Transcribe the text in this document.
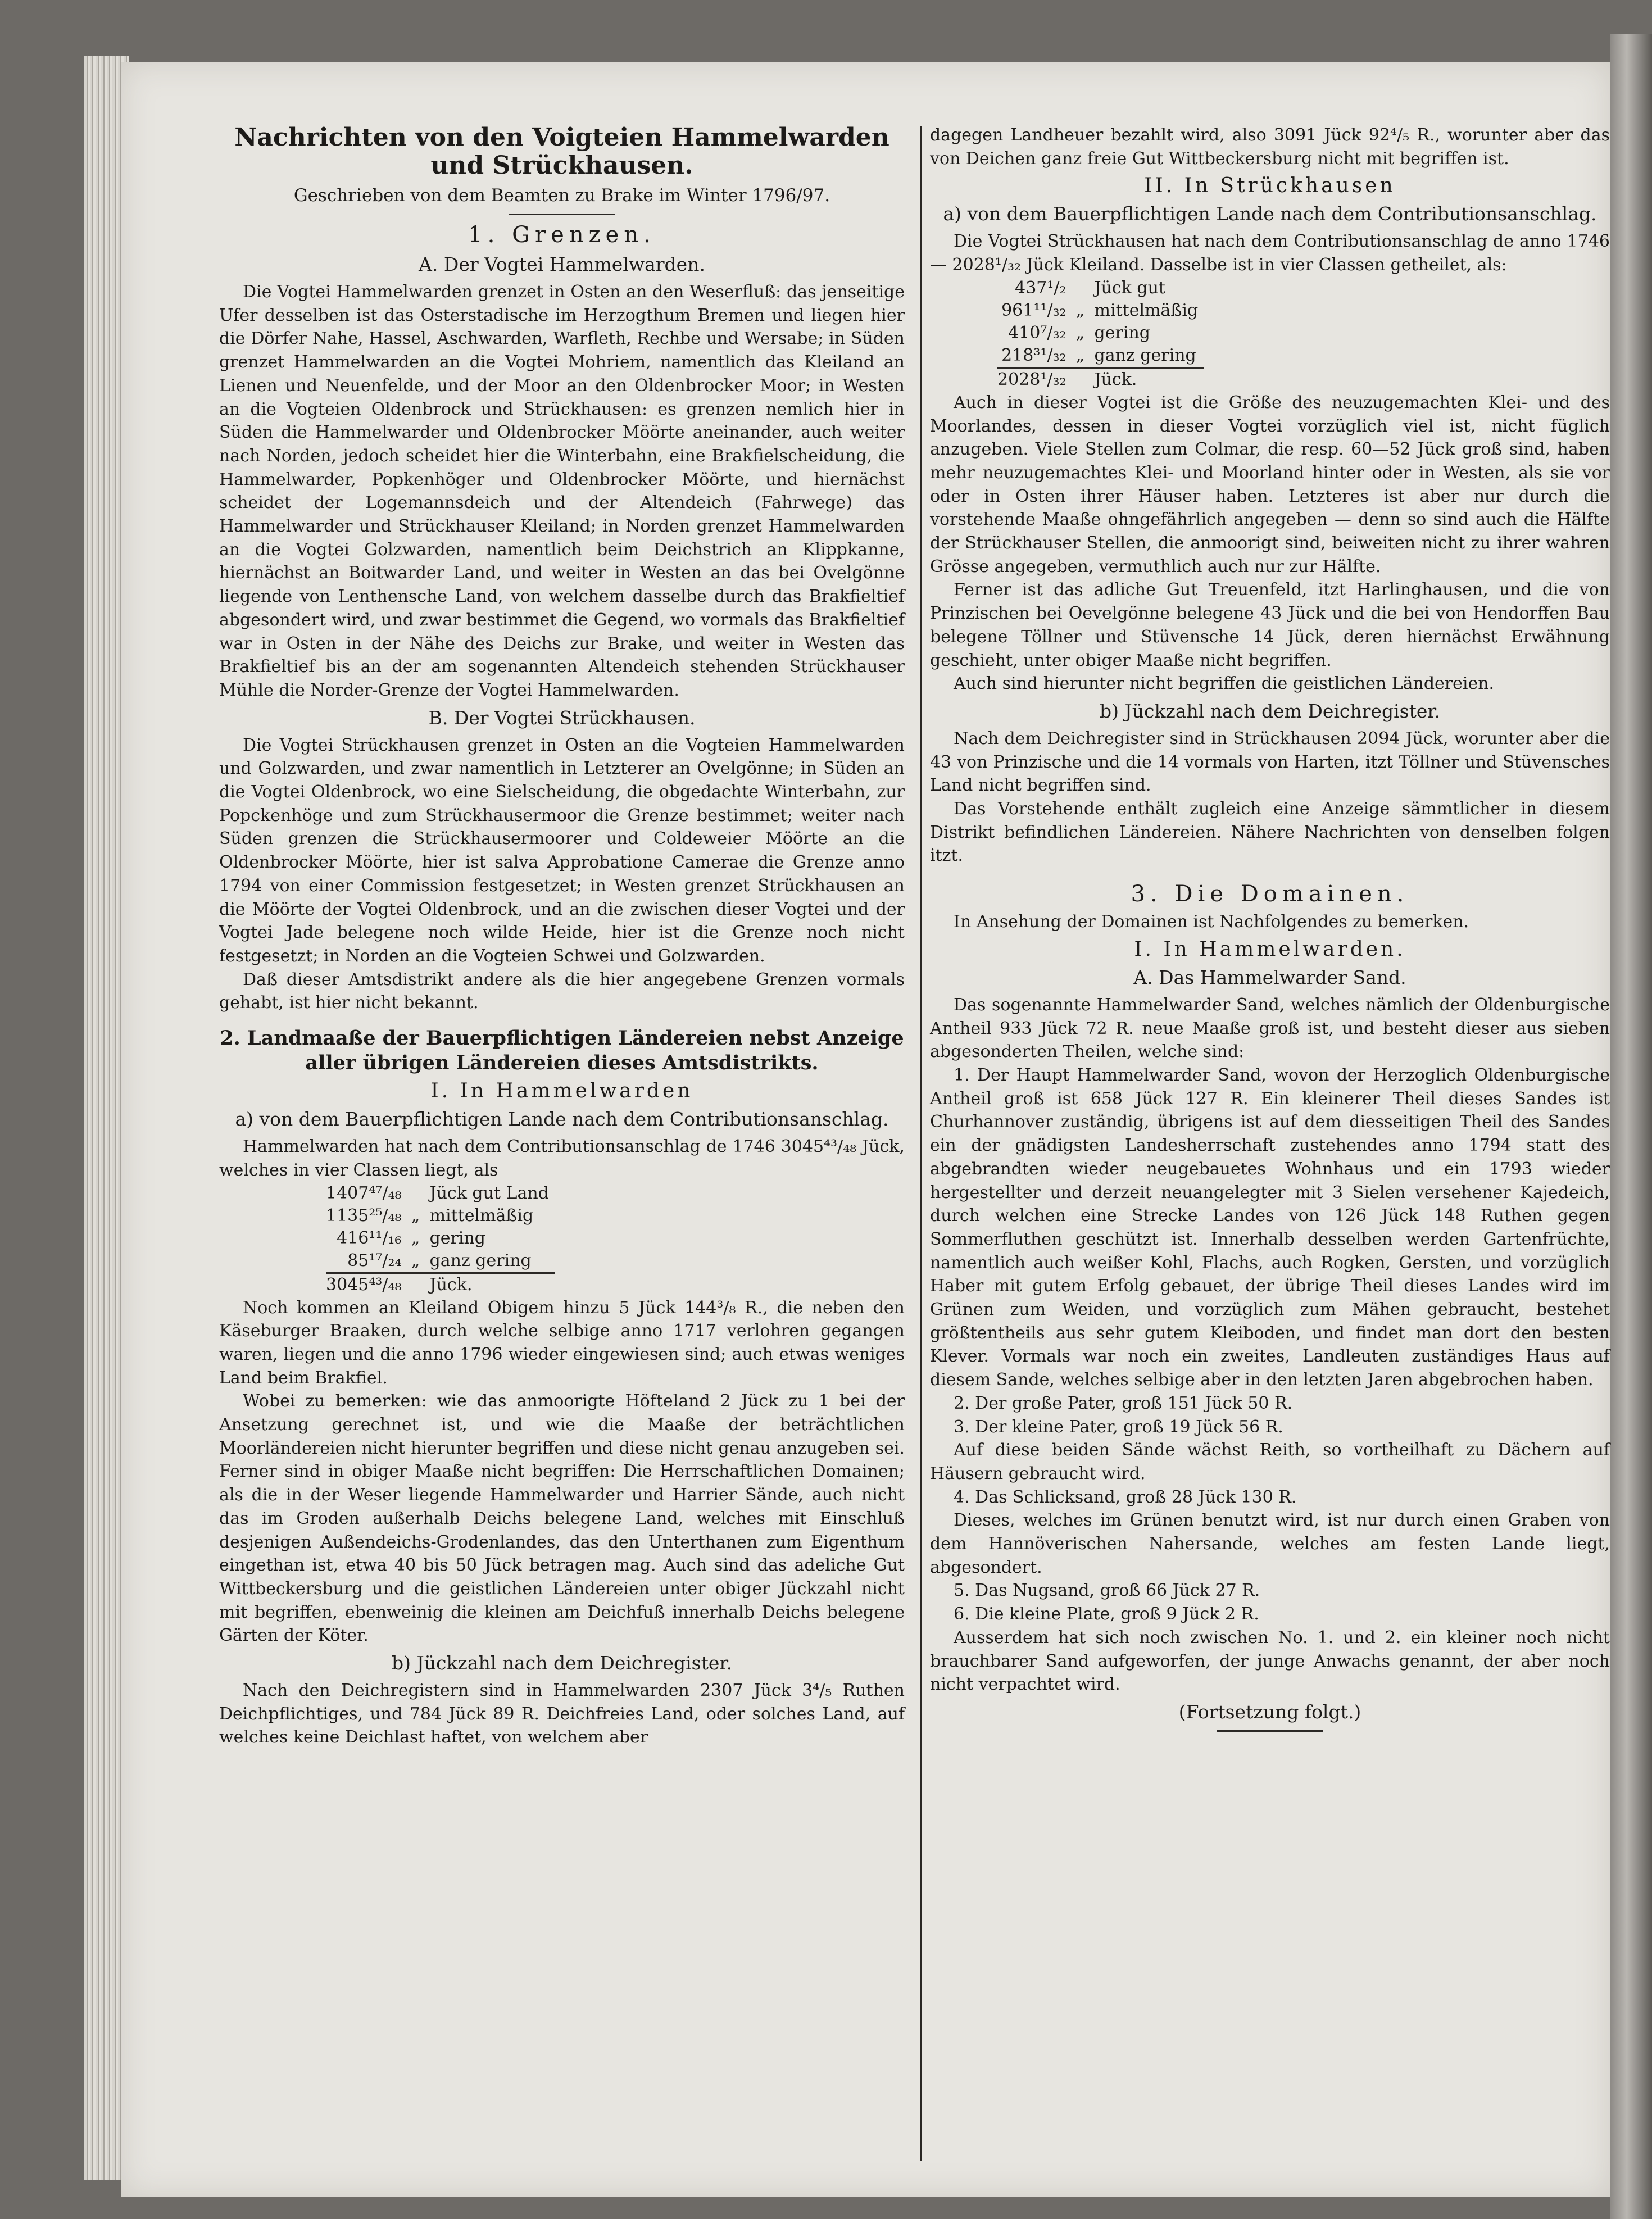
Nachrichten von den Voigteien Hammelwarden und Strückhausen.
Geschrieben von dem Beamten zu Brake im Winter 1796/97.
1. Grenzen.
A. Der Vogtei Hammelwarden.

Die Vogtei Hammelwarden grenzet in Osten an den Weserfluß: das jenseitige Ufer desselben ist das Osterstadische im Herzogthum Bremen und liegen hier die Dörfer Nahe, Hassel, Aschwarden, Warfleth, Rechbe und Wersabe; in Süden grenzet Hammelwarden an die Vogtei Mohriem, namentlich das Kleiland an Lienen und Neuenfelde, und der Moor an den Oldenbrocker Moor; in Westen an die Vogteien Oldenbrock und Strückhausen: es grenzen nemlich hier in Süden die Hammelwarder und Oldenbrocker Möörte aneinander, auch weiter nach Norden, jedoch scheidet hier die Winterbahn, eine Brakfielscheidung, die Hammelwarder, Popkenhöger und Oldenbrocker Möörte, und hiernächst scheidet der Logemannsdeich und der Altendeich (Fahrwege) das Hammelwarder und Strückhauser Kleiland; in Norden grenzet Hammelwarden an die Vogtei Golzwarden, namentlich beim Deichstrich an Klippkanne, hiernächst an Boitwarder Land, und weiter in Westen an das bei Ovelgönne liegende von Lenthensche Land, von welchem dasselbe durch das Brakfieltief abgesondert wird, und zwar bestimmet die Gegend, wo vormals das Brakfieltief war in Osten in der Nähe des Deichs zur Brake, und weiter in Westen das Brakfieltief bis an der am sogenannten Altendeich stehenden Strückhauser Mühle die Norder-Grenze der Vogtei Hammelwarden.

B. Der Vogtei Strückhausen.

Die Vogtei Strückhausen grenzet in Osten an die Vogteien Hammelwarden und Golzwarden, und zwar namentlich in Letzterer an Ovelgönne; in Süden an die Vogtei Oldenbrock, wo eine Sielscheidung, die obgedachte Winterbahn, zur Popckenhöge und zum Strückhausermoor die Grenze bestimmet; weiter nach Süden grenzen die Strückhausermoorer und Coldeweier Möörte an die Oldenbrocker Möörte, hier ist salva Approbatione Camerae die Grenze anno 1794 von einer Commission festgesetzet; in Westen grenzet Strückhausen an die Möörte der Vogtei Oldenbrock, und an die zwischen dieser Vogtei und der Vogtei Jade belegene noch wilde Heide, hier ist die Grenze noch nicht festgesetzt; in Norden an die Vogteien Schwei und Golzwarden.

Daß dieser Amtsdistrikt andere als die hier angegebene Grenzen vormals gehabt, ist hier nicht bekannt.

2. Landmaaße der Bauerpflichtigen Ländereien nebst Anzeige aller übrigen Ländereien dieses Amtsdistrikts.
I. In Hammelwarden
a) von dem Bauerpflichtigen Lande nach dem Contributionsanschlag.

Hammelwarden hat nach dem Contributionsanschlag de 1746 3045⁴³/₄₈ Jück, welches in vier Classen liegt, als

1407⁴⁷/₄₈		Jück gut Land
1135²⁵/₄₈	„	mittelmäßig
416¹¹/₁₆	„	gering
85¹⁷/₂₄	„	ganz gering
3045⁴³/₄₈		Jück.

Noch kommen an Kleiland Obigem hinzu 5 Jück 144³/₈ R., die neben den Käseburger Braaken, durch welche selbige anno 1717 verlohren gegangen waren, liegen und die anno 1796 wieder eingewiesen sind; auch etwas weniges Land beim Brakfiel.

Wobei zu bemerken: wie das anmoorigte Höfteland 2 Jück zu 1 bei der Ansetzung gerechnet ist, und wie die Maaße der beträchtlichen Moorländereien nicht hierunter begriffen und diese nicht genau anzugeben sei. Ferner sind in obiger Maaße nicht begriffen: Die Herrschaftlichen Domainen; als die in der Weser liegende Hammelwarder und Harrier Sände, auch nicht das im Groden außerhalb Deichs belegene Land, welches mit Einschluß desjenigen Außendeichs-Grodenlandes, das den Unterthanen zum Eigenthum eingethan ist, etwa 40 bis 50 Jück betragen mag. Auch sind das adeliche Gut Wittbeckersburg und die geistlichen Ländereien unter obiger Jückzahl nicht mit begriffen, ebenweinig die kleinen am Deichfuß innerhalb Deichs belegene Gärten der Köter.

b) Jückzahl nach dem Deichregister.

Nach den Deichregistern sind in Hammelwarden 2307 Jück 3⁴/₅ Ruthen Deichpflichtiges, und 784 Jück 89 R. Deichfreies Land, oder solches Land, auf welches keine Deichlast haftet, von welchem aber

dagegen Landheuer bezahlt wird, also 3091 Jück 92⁴/₅ R., worunter aber das von Deichen ganz freie Gut Wittbeckersburg nicht mit begriffen ist.

II. In Strückhausen
a) von dem Bauerpflichtigen Lande nach dem Contributionsanschlag.

Die Vogtei Strückhausen hat nach dem Contributionsanschlag de anno 1746 — 2028¹/₃₂ Jück Kleiland. Dasselbe ist in vier Classen getheilet, als:

437¹/₂		Jück gut
961¹¹/₃₂	„	mittelmäßig
410⁷/₃₂	„	gering
218³¹/₃₂	„	ganz gering
2028¹/₃₂		Jück.

Auch in dieser Vogtei ist die Größe des neuzugemachten Klei- und des Moorlandes, dessen in dieser Vogtei vorzüglich viel ist, nicht füglich anzugeben. Viele Stellen zum Colmar, die resp. 60—52 Jück groß sind, haben mehr neuzugemachtes Klei- und Moorland hinter oder in Westen, als sie vor oder in Osten ihrer Häuser haben. Letzteres ist aber nur durch die vorstehende Maaße ohngefährlich angegeben — denn so sind auch die Hälfte der Strückhauser Stellen, die anmoorigt sind, beiweiten nicht zu ihrer wahren Grösse angegeben, vermuthlich auch nur zur Hälfte.

Ferner ist das adliche Gut Treuenfeld, itzt Harlinghausen, und die von Prinzischen bei Oevelgönne belegene 43 Jück und die bei von Hendorffen Bau belegene Töllner und Stüvensche 14 Jück, deren hiernächst Erwähnung geschieht, unter obiger Maaße nicht begriffen.

Auch sind hierunter nicht begriffen die geistlichen Ländereien.

b) Jückzahl nach dem Deichregister.

Nach dem Deichregister sind in Strückhausen 2094 Jück, worunter aber die 43 von Prinzische und die 14 vormals von Harten, itzt Töllner und Stüvensches Land nicht begriffen sind.

Das Vorstehende enthält zugleich eine Anzeige sämmtlicher in diesem Distrikt befindlichen Ländereien. Nähere Nachrichten von denselben folgen itzt.

3. Die Domainen.

In Ansehung der Domainen ist Nachfolgendes zu bemerken.

I. In Hammelwarden.
A. Das Hammelwarder Sand.

Das sogenannte Hammelwarder Sand, welches nämlich der Oldenburgische Antheil 933 Jück 72 R. neue Maaße groß ist, und besteht dieser aus sieben abgesonderten Theilen, welche sind:

1. Der Haupt Hammelwarder Sand, wovon der Herzoglich Oldenburgische Antheil groß ist 658 Jück 127 R. Ein kleinerer Theil dieses Sandes ist Churhannover zuständig, übrigens ist auf dem diesseitigen Theil des Sandes ein der gnädigsten Landesherrschaft zustehendes anno 1794 statt des abgebrandten wieder neugebauetes Wohnhaus und ein 1793 wieder hergestellter und derzeit neuangelegter mit 3 Sielen versehener Kajedeich, durch welchen eine Strecke Landes von 126 Jück 148 Ruthen gegen Sommerfluthen geschützt ist. Innerhalb desselben werden Gartenfrüchte, namentlich auch weißer Kohl, Flachs, auch Rogken, Gersten, und vorzüglich Haber mit gutem Erfolg gebauet, der übrige Theil dieses Landes wird im Grünen zum Weiden, und vorzüglich zum Mähen gebraucht, bestehet größtentheils aus sehr gutem Kleiboden, und findet man dort den besten Klever. Vormals war noch ein zweites, Landleuten zuständiges Haus auf diesem Sande, welches selbige aber in den letzten Jaren abgebrochen haben.

2. Der große Pater, groß 151 Jück 50 R.

3. Der kleine Pater, groß 19 Jück 56 R.

Auf diese beiden Sände wächst Reith, so vortheilhaft zu Dächern auf Häusern gebraucht wird.

4. Das Schlicksand, groß 28 Jück 130 R.

Dieses, welches im Grünen benutzt wird, ist nur durch einen Graben von dem Hannöverischen Nahersande, welches am festen Lande liegt, abgesondert.

5. Das Nugsand, groß 66 Jück 27 R.

6. Die kleine Plate, groß 9 Jück 2 R.

Ausserdem hat sich noch zwischen No. 1. und 2. ein kleiner noch nicht brauchbarer Sand aufgeworfen, der junge Anwachs genannt, der aber noch nicht verpachtet wird.

(Fortsetzung folgt.)
